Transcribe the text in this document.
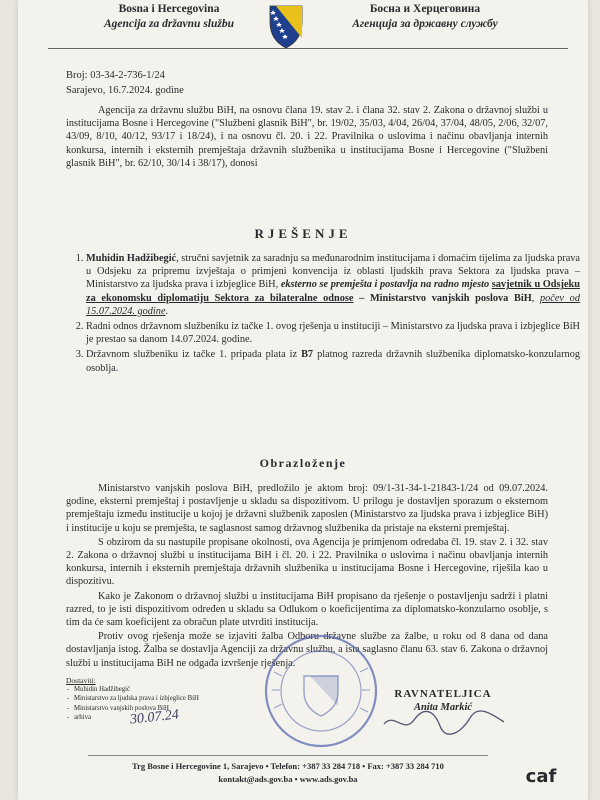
Bosna i Hercegovina
Agencija za državnu službu
Босна и Херцеговина
Агенција за државну службу
Broj: 03-34-2-736-1/24
Sarajevo, 16.7.2024. godine
Agencija za državnu službu BiH, na osnovu člana 19. stav 2. i člana 32. stav 2. Zakona o državnoj službi u institucijama Bosne i Hercegovine ("Službeni glasnik BiH", br. 19/02, 35/03, 4/04, 26/04, 37/04, 48/05, 2/06, 32/07, 43/09, 8/10, 40/12, 93/17 i 18/24), i na osnovu čl. 20. i 22. Pravilnika o uslovima i načinu obavljanja internih konkursa, internih i eksternih premještaja državnih službenika u institucijama Bosne i Hercegovine ("Službeni glasnik BiH", br. 62/10, 30/14 i 38/17), donosi
RJEŠENJE
1. Muhidin Hadžibegić, stručni savjetnik za saradnju sa međunarodnim institucijama i domaćim tijelima za ljudska prava u Odsjeku za pripremu izvještaja o primjeni konvencija iz oblasti ljudskih prava Sektora za ljudska prava – Ministarstvo za ljudska prava i izbjeglice BiH, eksterno se premješta i postavlja na radno mjesto savjetnik u Odsjeku za ekonomsku diplomatiju Sektora za bilateralne odnose – Ministarstvo vanjskih poslova BiH, počev od 15.07.2024. godine.
2. Radni odnos državnom službeniku iz tačke 1. ovog rješenja u instituciji – Ministarstvo za ljudska prava i izbjeglice BiH je prestao sa danom 14.07.2024. godine.
3. Državnom službeniku iz tačke 1. pripada plata iz B7 platnog razreda državnih službenika diplomatsko-konzularnog osoblja.
Obrazloženje

Ministarstvo vanjskih poslova BiH, predložilo je aktom broj: 09/1-31-34-1-21843-1/24 od 09.07.2024. godine, eksterni premještaj i postavljenje u skladu sa dispozitivom. U prilogu je dostavljen sporazum o eksternom premještaju između institucije u kojoj je državni službenik zaposlen (Ministarstvo za ljudska prava i izbjeglice BiH) i institucije u koju se premješta, te saglasnost samog državnog službenika da pristaje na eksterni premještaj.

S obzirom da su nastupile propisane okolnosti, ova Agencija je primjenom odredaba čl. 19. stav 2. i 32. stav 2. Zakona o državnoj službi u institucijama BiH i čl. 20. i 22. Pravilnika o uslovima i načinu obavljanja internih konkursa, internih i eksternih premještaja državnih službenika u institucijama Bosne i Hercegovine, riješila kao u dispozitivu.

Kako je Zakonom o državnoj službi u institucijama BiH propisano da rješenje o postavljenju sadrži i platni razred, to je isti dispozitivom određen u skladu sa Odlukom o koeficijentima za diplomatsko-konzularno osoblje, s tim da će sam koeficijent za obračun plate utvrditi institucija.

Protiv ovog rješenja može se izjaviti žalba Odboru državne službe za žalbe, u roku od 8 dana od dana dostavljanja istog. Žalba se dostavlja Agenciji za državnu službu, a ista saglasno članu 63. stav 6. Zakona o državnoj službi u institucijama BiH ne odgađa izvršenje rješenja.

Dostaviti:
- Muhidin Hadžibegić
- Ministarstvo za ljudska prava i izbjeglice BiH
- Ministarstvo vanjskih poslova BiH
- arhiva	30.07.24
RAVNATELJICA
Anita Markić
Trg Bosne i Hercegovine 1, Sarajevo • Telefon: +387 33 284 718 • Fax: +387 33 284 710
kontakt@ads.gov.ba • www.ads.gov.ba	caf
